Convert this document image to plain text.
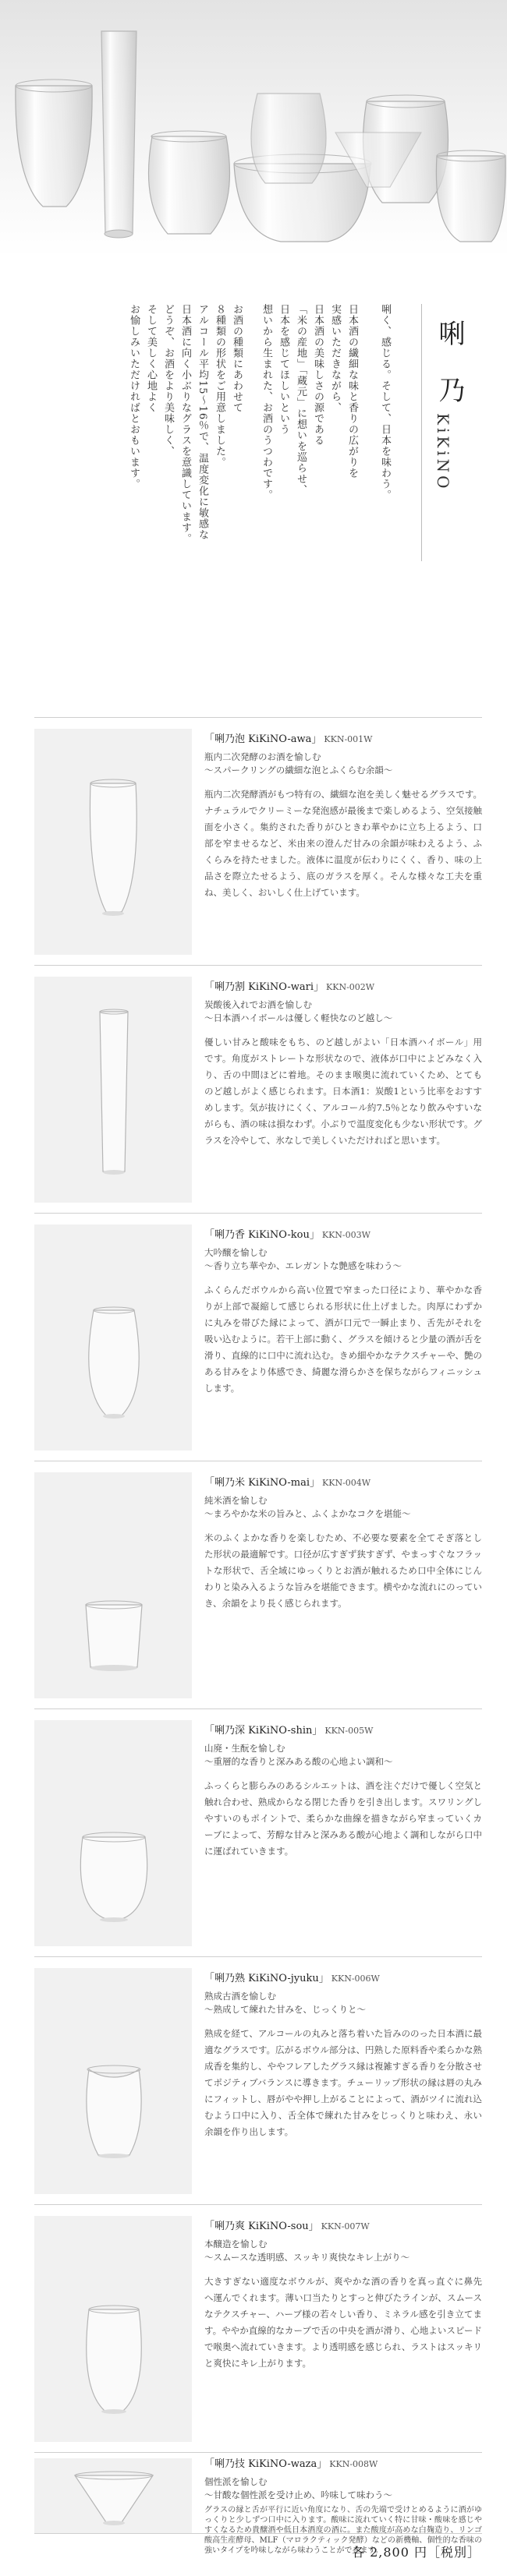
唎 乃
KiKiNO
唎く、感じる。そして、日本を味わう。
日本酒の繊細な味と香りの広がりを
実感いただきながら、
日本酒の美味しさの源である
「米の産地」「蔵元」に想いを巡らせ、
日本を感じてほしいという
想いから生まれた、お酒のうつわです。
お酒の種類にあわせて
８種類の形状をご用意しました。
アルコール平均15〜16％で、温度変化に敏感な
日本酒に向く小ぶりなグラスを意識しています。
どうぞ、お酒をより美味しく、
そして美しく心地よく
お愉しみいただければとおもいます。

「唎乃泡 KiKiNO-awa」 KKN-001W

瓶内二次発酵のお酒を愉しむ

〜スパークリングの繊細な泡とふくらむ余韻〜

瓶内二次発酵酒がもつ特有の、繊細な泡を美しく魅せるグラスです。ナチュラルでクリーミーな発泡感が最後まで楽しめるよう、空気接触面を小さく。集約された香りがひときわ華やかに立ち上るよう、口部を窄ませるなど、米由来の澄んだ甘みの余韻が味わえるよう、ふくらみを持たせました。液体に温度が伝わりにくく、香り、味の上品さを際立たせるよう、底のガラスを厚く。そんな様々な工夫を重ね、美しく、おいしく仕上げています。

「唎乃割 KiKiNO-wari」 KKN-002W

炭酸後入れでお酒を愉しむ

〜日本酒ハイボールは優しく軽快なのど越し〜

優しい甘みと酸味をもち、のど越しがよい「日本酒ハイボール」用です。角度がストレートな形状なので、液体が口中によどみなく入り、舌の中間ほどに着地。そのまま喉奥に流れていくため、とてものど越しがよく感じられます。日本酒1：炭酸1という比率をおすすめします。気が抜けにくく、アルコール約7.5％となり飲みやすいながらも、酒の味は損なわず。小ぶりで温度変化も少ない形状です。グラスを冷やして、氷なしで美しくいただければと思います。

「唎乃香 KiKiNO-kou」 KKN-003W

大吟醸を愉しむ

〜香り立ち華やか、エレガントな艶感を味わう〜

ふくらんだボウルから高い位置で窄まった口径により、華やかな香りが上部で凝縮して感じられる形状に仕上げました。肉厚にわずかに丸みを帯びた縁によって、酒が口元で一瞬止まり、舌先がそれを吸い込むように。若干上部に動く、グラスを傾けると少量の酒が舌を滑り、直線的に口中に流れ込む。きめ細やかなテクスチャーや、艶のある甘みをより体感でき、綺麗な滑らかさを保ちながらフィニッシュします。

「唎乃米 KiKiNO-mai」 KKN-004W

純米酒を愉しむ

〜まろやかな米の旨みと、ふくよかなコクを堪能〜

米のふくよかな香りを楽しむため、不必要な要素を全てそぎ落とした形状の最適解です。口径が広すぎず狭すぎず、やまっすぐなフラットな形状で、舌全域にゆっくりとお酒が触れるため口中全体にじんわりと染み入るような旨みを堪能できます。横やかな流れにのっていき、余韻をより長く感じられます。

「唎乃深 KiKiNO-shin」 KKN-005W

山廃・生酛を愉しむ

〜重層的な香りと深みある酸の心地よい調和〜

ふっくらと膨らみのあるシルエットは、酒を注ぐだけで優しく空気と触れ合わせ、熟成からなる閉じた香りを引き出します。スワリングしやすいのもポイントで、柔らかな曲線を描きながら窄まっていくカーブによって、芳醇な甘みと深みある酸が心地よく調和しながら口中に運ばれていきます。

「唎乃熟 KiKiNO-jyuku」 KKN-006W

熟成古酒を愉しむ

〜熟成して練れた甘みを、じっくりと〜

熟成を経て、アルコールの丸みと落ち着いた旨みののった日本酒に最適なグラスです。広がるボウル部分は、円熟した原料香や柔らかな熟成香を集約し、ややフレアしたグラス縁は複雑すぎる香りを分散させてポジティブバランスに導きます。チューリップ形状の縁は唇の丸みにフィットし、唇がやや押し上がることによって、酒がツイに流れ込むよう口中に入り、舌全体で練れた甘みをじっくりと味わえ、永い余韻を作り出します。

「唎乃爽 KiKiNO-sou」 KKN-007W

本醸造を愉しむ

〜スムースな透明感、スッキリ爽快なキレ上がり〜

大きすぎない適度なボウルが、爽やかな酒の香りを真っ直ぐに鼻先へ運んでくれます。薄い口当たりとすっと伸びたラインが、スムースなテクスチャー、ハーブ様の若々しい香り、ミネラル感を引き立てます。ややか直線的なカーブで舌の中央を酒が滑り、心地よいスピードで喉奥へ流れていきます。より透明感を感じられ、ラストはスッキリと爽快にキレ上がります。

「唎乃技 KiKiNO-waza」 KKN-008W

個性派を愉しむ

〜甘酸な個性派を受け止め、吟味して味わう〜

グラスの縁と舌が平行に近い角度になり、舌の先端で受けとめるように酒がゆっくりと少しずつ口中に入ります。酸味に流れていく特に甘味・酸味を感じやすくなるため貴醸酒や低日本酒度の酒に。また酸度が高めな白麹造り、リンゴ酸高生産酵母、MLF（マロラクティック発酵）などの新機軸、個性的な香味の強いタイプを吟味しながら味わうことができます。

各 2,800 円［税別］
